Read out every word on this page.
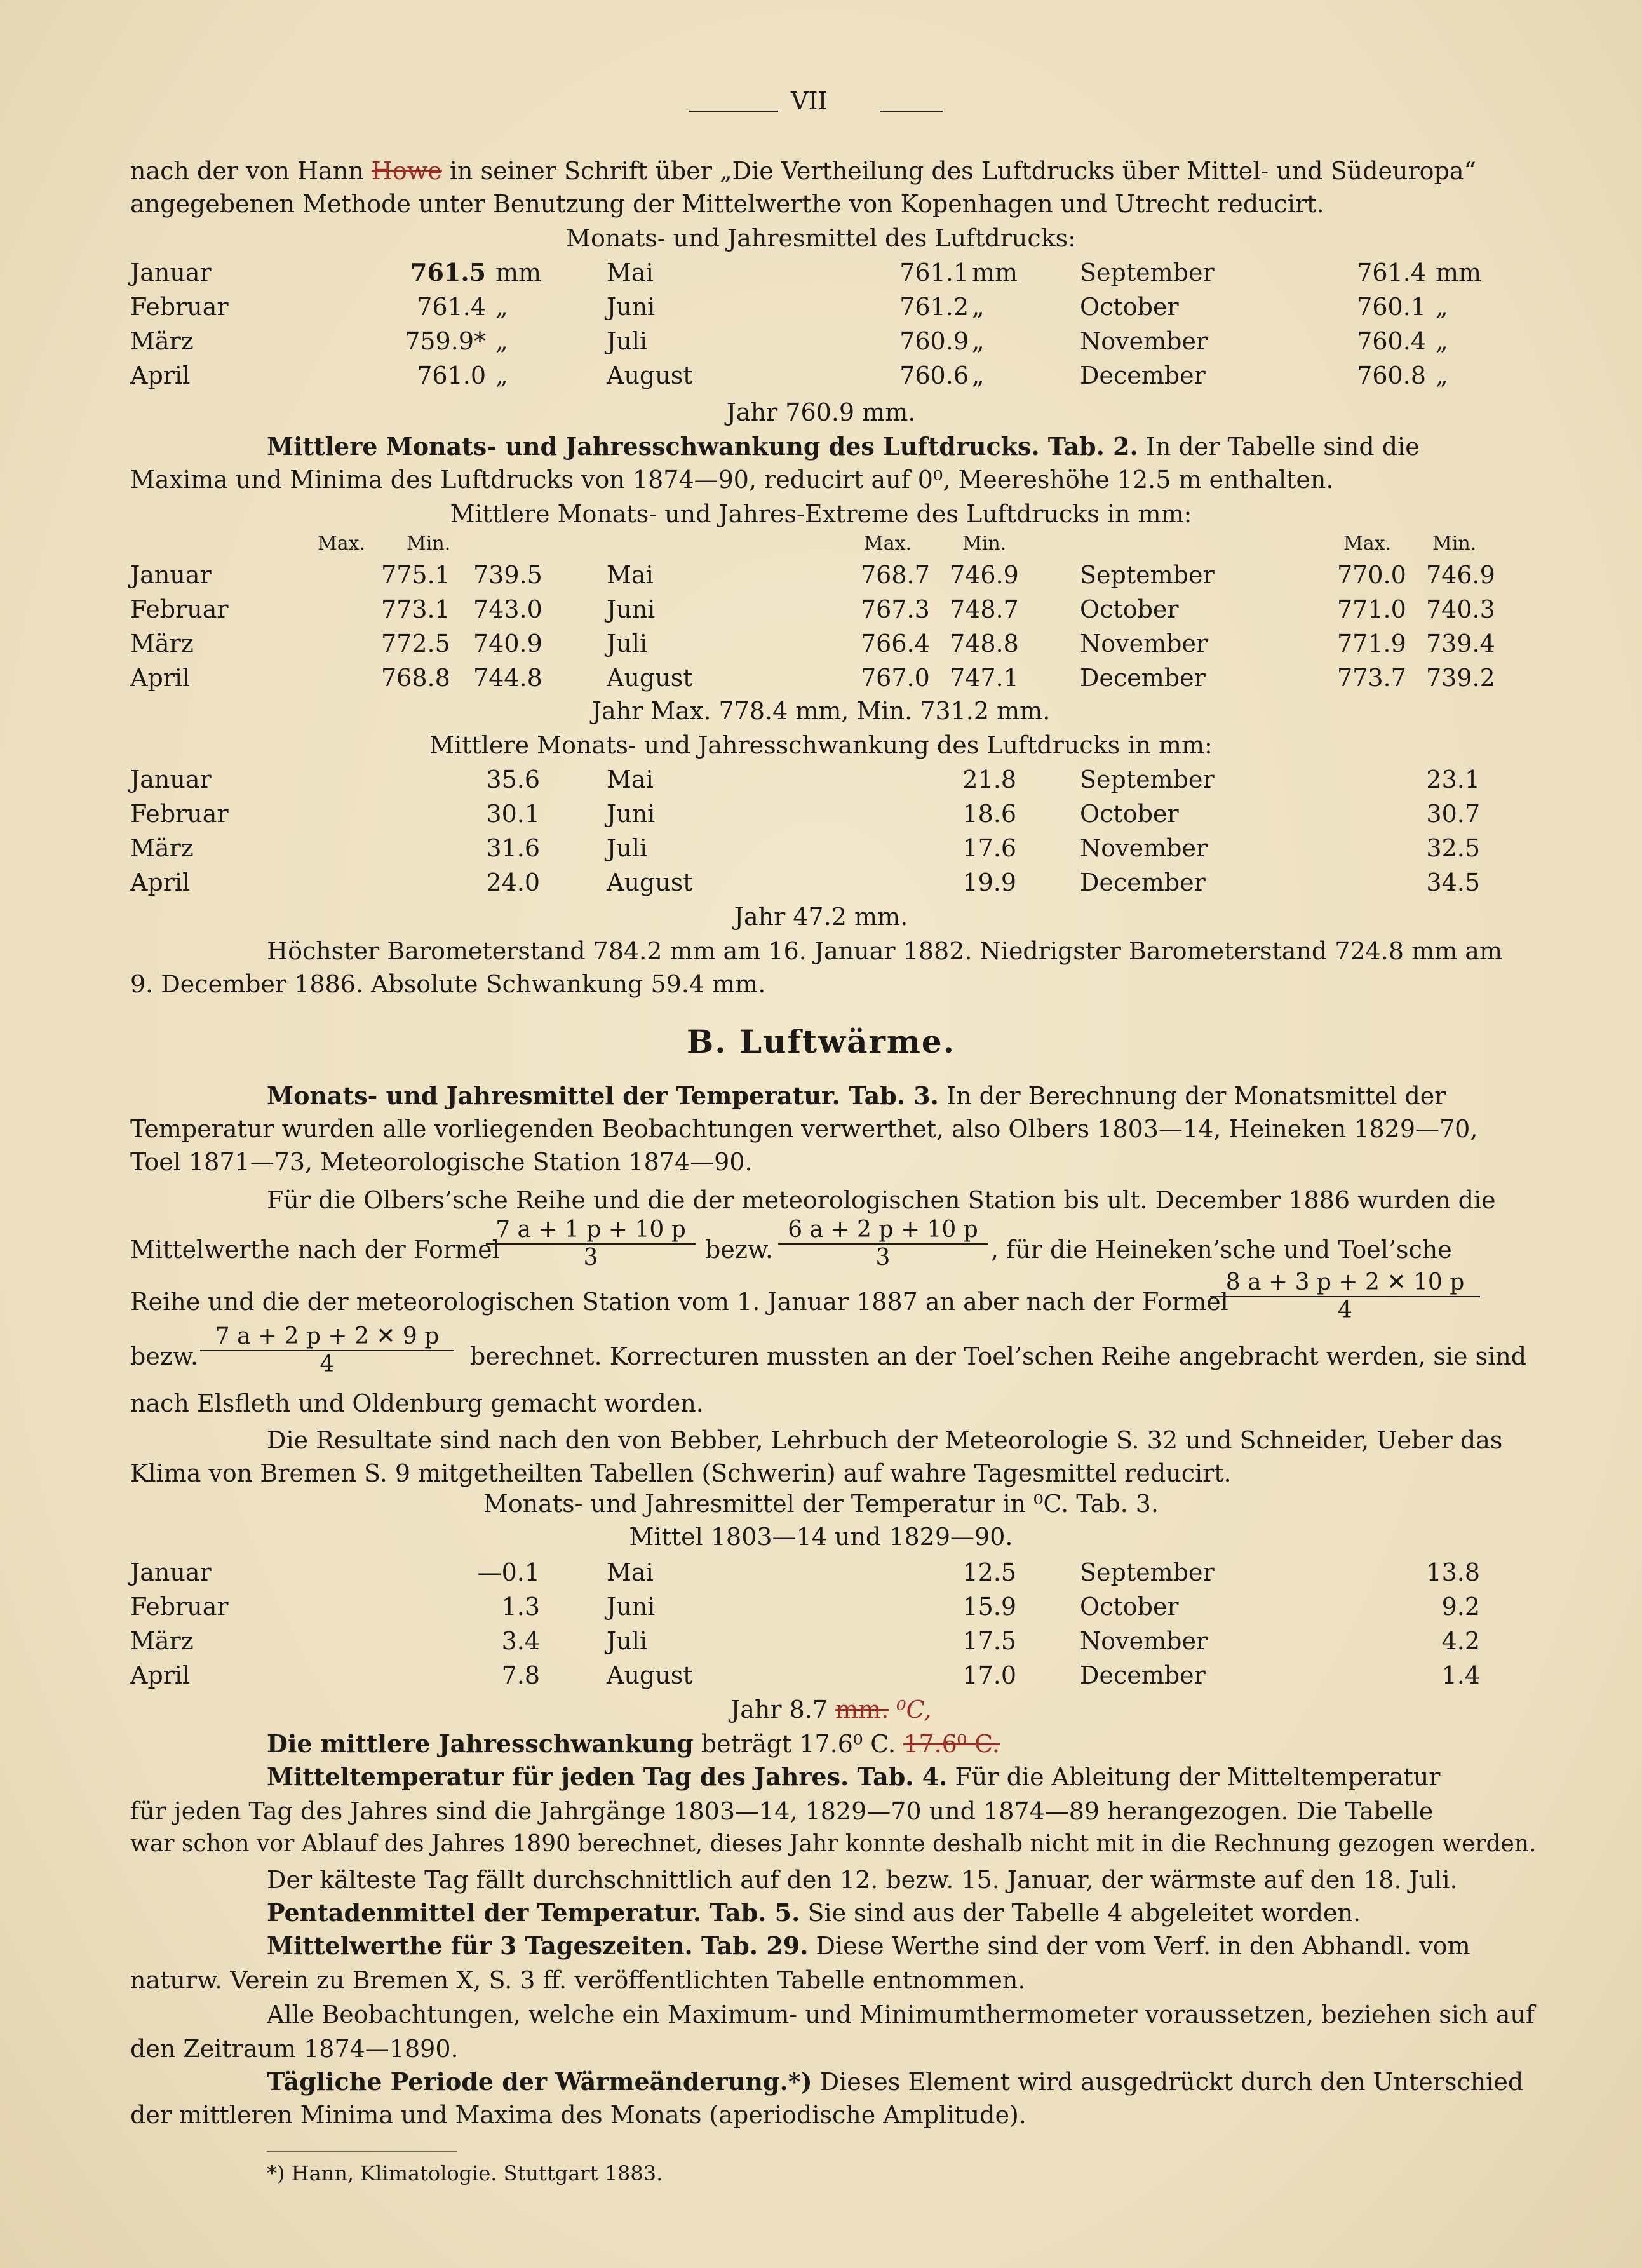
VII
nach der von Hann Howe in seiner Schrift über „Die Vertheilung des Luftdrucks über Mittel- und Südeuropa“
angegebenen Methode unter Benutzung der Mittelwerthe von Kopenhagen und Utrecht reducirt.
Monats- und Jahresmittel des Luftdrucks:
Januar	761.5 mm	Mai	761.1 mm	September	761.4 mm
Februar	761.4 „	Juni	761.2 „	October	760.1 „
März	759.9* „	Juli	760.9 „	November	760.4 „
April	761.0 „	August	760.6 „	December	760.8 „
Jahr 760.9 mm.
Mittlere Monats- und Jahresschwankung des Luftdrucks. Tab. 2. In der Tabelle sind die
Maxima und Minima des Luftdrucks von 1874—90, reducirt auf 0⁰, Meereshöhe 12.5 m enthalten.
Mittlere Monats- und Jahres-Extreme des Luftdrucks in mm:
Max. Min.	Max.	Min.	Max. Min.
Januar	775.1 739.5	Mai	768.7 746.9	September	770.0 746.9
Februar	773.1 743.0	Juni	767.3 748.7	October	771.0 740.3
März	772.5 740.9	Juli	766.4 748.8	November	771.9 739.4
April	768.8 744.8	August	767.0 747.1	December	773.7 739.2
Jahr Max. 778.4 mm, Min. 731.2 mm.
Mittlere Monats- und Jahresschwankung des Luftdrucks in mm:
Januar	35.6	Mai	21.8	September	23.1
Februar	30.1	Juni	18.6	October	30.7
März	31.6	Juli	17.6	November	32.5
April	24.0	August	19.9	December	34.5
Jahr 47.2 mm.
Höchster Barometerstand 784.2 mm am 16. Januar 1882. Niedrigster Barometerstand 724.8 mm am
9. December 1886. Absolute Schwankung 59.4 mm.
B. Luftwärme.
Monats- und Jahresmittel der Temperatur. Tab. 3. In der Berechnung der Monatsmittel der
Temperatur wurden alle vorliegenden Beobachtungen verwerthet, also Olbers 1803—14, Heineken 1829—70,
Toel 1871—73, Meteorologische Station 1874—90.
Für die Olbers’sche Reihe und die der meteorologischen Station bis ult. December 1886 wurden die
Mittelwerthe nach der Formel
$\frac{7 a + 1 p + 10 p}{3}$ bezw. $\frac{6 a + 2 p + 10 p}{3}$ , für die Heineken’sche und Toel’sche
Reihe und die der meteorologischen Station vom 1. Januar 1887 an aber nach der Formel
$\frac{8 a + 3 p + 2 ✕ 10 p}{4}$
bezw. $\frac{7 a + 2 p + 2 ✕ 9 p}{4}$ berechnet. Korrecturen mussten an der Toel’schen Reihe angebracht werden, sie sind
nach Elsfleth und Oldenburg gemacht worden.
Die Resultate sind nach den von Bebber, Lehrbuch der Meteorologie S. 32 und Schneider, Ueber das
Klima von Bremen S. 9 mitgetheilten Tabellen (Schwerin) auf wahre Tagesmittel reducirt.
Monats- und Jahresmittel der Temperatur in ⁰C. Tab. 3.
Mittel 1803—14 und 1829—90.
Januar	—0.1	Mai	12.5	September	13.8
Februar	1.3	Juni	15.9	October	9.2
März	3.4	Juli	17.5	November	4.2
April	7.8	August	17.0	December	1.4
Jahr 8.7 mm. ⁰C,
Die mittlere Jahresschwankung beträgt 17.6⁰ C. 17.6⁰ C.
Mitteltemperatur für jeden Tag des Jahres. Tab. 4. Für die Ableitung der Mitteltemperatur
für jeden Tag des Jahres sind die Jahrgänge 1803—14, 1829—70 und 1874—89 herangezogen. Die Tabelle
war schon vor Ablauf des Jahres 1890 berechnet, dieses Jahr konnte deshalb nicht mit in die Rechnung gezogen werden.
Der kälteste Tag fällt durchschnittlich auf den 12. bezw. 15. Januar, der wärmste auf den 18. Juli.
Pentadenmittel der Temperatur. Tab. 5. Sie sind aus der Tabelle 4 abgeleitet worden.
Mittelwerthe für 3 Tageszeiten. Tab. 29. Diese Werthe sind der vom Verf. in den Abhandl. vom
naturw. Verein zu Bremen X, S. 3 ff. veröffentlichten Tabelle entnommen.
Alle Beobachtungen, welche ein Maximum- und Minimumthermometer voraussetzen, beziehen sich auf
den Zeitraum 1874—1890.
Tägliche Periode der Wärmeänderung.*) Dieses Element wird ausgedrückt durch den Unterschied
der mittleren Minima und Maxima des Monats (aperiodische Amplitude).
*) Hann, Klimatologie. Stuttgart 1883.
